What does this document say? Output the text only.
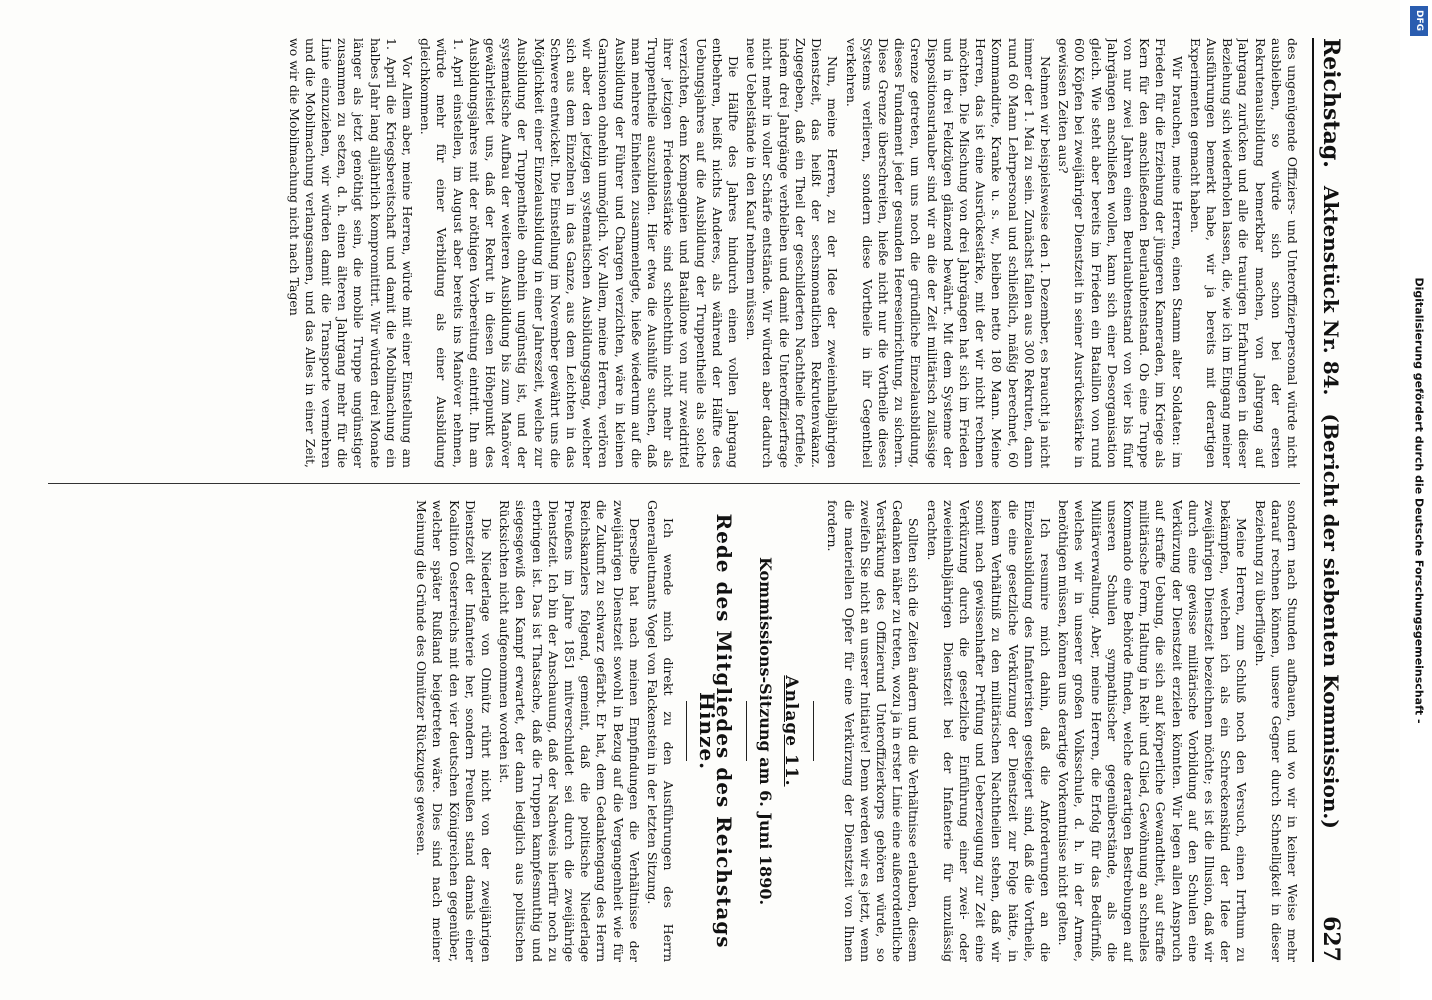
Reichstag.
Aktenstück Nr. 84.
(Bericht der siebenten Kommission.)
627

des ungenügende Offiziers- und Unteroffizierpersonal würde nicht ausbleiben, so würde sich schon bei der ersten Rekrutenausbildung bemerkbar machen, von Jahrgang auf Jahrgang zurücken und alle die traurigen Erfahrungen in dieser Beziehung sich wiederholen lassen, die, wie ich im Eingang meiner Ausführungen bemerkt habe, wir ja bereits mit derartigen Experimenten gemacht haben.

Wir brauchen, meine Herren, einen Stamm alter Soldaten: im Frieden für die Erziehung der jüngeren Kameraden, im Kriege als Kern für den anschließenden Beurlaubtenstand. Ob eine Truppe von nur zwei Jahren einen Beurlaubtenstand von vier bis fünf Jahrgängen anschließen wollen, kann sich einer Desorganisation gleich. Wie steht aber bereits im Frieden ein Bataillon von rund 600 Köpfen bei zweijähriger Dienstzeit in seiner Ausrückestärke in gewissen Zeiten aus?

Nehmen wir beispielsweise den 1. Dezember, es braucht ja nicht immer der 1. Mai zu sein. Zunächst fallen aus 300 Rekruten, dann rund 60 Mann Lehrpersonal und schließlich, mäßig berechnet, 60 Kommandirte, Kranke u. s. w., bleiben netto 180 Mann. Meine Herren, das ist eine Ausrückestärke, mit der wir nicht rechnen möchten. Die Mischung von drei Jahrgängen hat sich im Frieden und in drei Feldzügen glänzend bewährt. Mit dem Systeme der Dispositionsurlauber sind wir an die der Zeit militärisch zulässige Grenze getreten, um uns noch die gründliche Einzelausbildung, dieses Fundament jeder gesunden Heereseinrichtung, zu sichern. Diese Grenze überschreiten, hieße nicht nur die Vortheile dieses Systems verlieren, sondern diese Vortheile in ihr Gegentheil verkehren.

Nun, meine Herren, zu der Idee der zweieinhalbjährigen Dienstzeit, das heißt der sechsmonatlichen Rekrutenvakanz. Zugegeben, daß ein Theil der geschilderten Nachtheile fortfiele, indem drei Jahrgänge verbleiben und damit die Unteroffizierfrage nicht mehr in voller Schärfe entstände. Wir würden aber dadurch neue Uebelstände in den Kauf nehmen müssen.

Die Hälfte des Jahres hindurch einen vollen Jahrgang entbehren, heißt nichts Anderes, als während der Hälfte des Uebungsjahres auf die Ausbildung der Truppentheile als solche verzichten, denn Kompagnien und Bataillone von nur zweidrittel ihrer jetzigen Friedensstärke sind schlechthin nicht mehr als Truppentheile auszubilden. Hier etwa die Aushülfe suchen, daß man mehrere Einheiten zusammenlegte, hieße wiederum auf die Ausbildung der Führer und Chargen verzichten, wäre in kleinen Garnisonen ohnehin unmöglich. Vor Allem, meine Herren, verlören wir aber den jetzigen systematischen Ausbildungsgang, welcher sich aus dem Einzelnen in das Ganze, aus dem Leichten in das Schwere entwickelt. Die Einstellung im November gewährt uns die Möglichkeit einer Einzelausbildung in einer Jahreszeit, welche zur Ausbildung der Truppentheile ohnehin ungünstig ist, und der systematische Aufbau der weiteren Ausbildung bis zum Manöver gewährleistet uns, daß der Rekrut in diesen Höhepunkt des Ausbildungsjahres mit der nöthigen Vorbereitung eintritt. Ihn am 1. April einstellen, im August aber bereits ins Manöver nehmen, würde mehr für einer Verbildung als einer Ausbildung gleichkommen.

Vor Allem aber, meine Herren, würde mit einer Einstellung am 1. April die Kriegsbereitschaft und damit die Mobilmachung ein halbes Jahr lang alljährlich kompromittirt. Wir würden drei Monate länger als jetzt genöthigt sein, die mobile Truppe ungünstiger zusammen zu setzen, d. h. einen älteren Jahrgang mehr für die Linie einzuziehen, wir würden damit die Transporte vermehren und die Mobilmachung verlangsamen, und das Alles in einer Zeit, wo wir die Mobilmachung nicht nach Tagen

sondern nach Stunden aufbauen, und wo wir in keiner Weise mehr darauf rechnen können, unsere Gegner durch Schnelligkeit in dieser Beziehung zu überflügeln.

Meine Herren, zum Schluß noch den Versuch, einen Irrthum zu bekämpfen, welchen ich als ein Schreckenskind der Idee der zweijährigen Dienstzeit bezeichnen möchte; es ist die Illusion, daß wir durch eine gewisse militärische Vorbildung auf den Schulen eine Verkürzung der Dienstzeit erzielen könnten. Wir legen allen Anspruch auf straffe Uebung, die sich auf körperliche Gewandtheit, auf straffe militärische Form, Haltung in Reih' und Glied, Gewöhnung an schnelles Kommando eine Behörde finden, welche derartigen Bestrebungen auf unseren Schulen sympathischer gegenüberstände, als die Militärverwaltung. Aber, meine Herren, die Erfolg für das Bedürfniß, welches wir in unserer großen Volksschule, d. h. in der Armee, benöthigen müssen, können uns derartige Vorkenntnisse nicht gelten.

Ich resumire mich dahin, daß die Anforderungen an die Einzelausbildung des Infanteristen gesteigert sind, daß die Vortheile, die eine gesetzliche Verkürzung der Dienstzeit zur Folge hätte, in keinem Verhältniß zu den militärischen Nachtheilen stehen, daß wir somit nach gewissenhafter Prüfung und Ueberzeugung zur Zeit eine Verkürzung durch die gesetzliche Einführung einer zwei- oder zweieinhalbjährigen Dienstzeit bei der Infanterie für unzulässig erachten.

Sollten sich die Zeiten ändern und die Verhältnisse erlauben, diesem Gedanken näher zu treten, wozu ja in erster Linie eine außerordentliche Verstärkung des Offizierund Unteroffizierkorps gehören würde, so zweifeln Sie nicht an unserer Initiative! Denn werden wir es jetzt, wenn die materiellen Opfer für eine Verkürzung der Dienstzeit von Ihnen fordern.

Anlage 11.
Kommissions-Sitzung am 6. Juni 1890.
Rede des Mitgliedes des Reichstags Hinze.

Ich wende mich direkt zu den Ausführungen des Herrn Generalleutnants Vogel von Falckenstein in der letzten Sitzung.

Derselbe hat nach meinen Empfindungen die Verhältnisse der zweijährigen Dienstzeit sowohl in Bezug auf die Vergangenheit wie für die Zukunft zu schwarz gefärbt. Er hat, dem Gedankengang des Herrn Reichskanzlers folgend, gemeint, daß die politische Niederlage Preußens im Jahre 1851 mitverschuldet sei durch die zweijährige Dienstzeit. Ich bin der Anschauung, daß der Nachweis hierfür noch zu erbringen ist. Das ist Thatsache, daß die Truppen kampfesmuthig und siegesgewiß den Kampf erwartet, der dann lediglich aus politischen Rücksichten nicht aufgenommen worden ist.

Die Niederlage von Olmütz rührt nicht von der zweijährigen Dienstzeit der Infanterie her, sondern Preußen stand damals einer Koalition Oesterreichs mit den vier deutschen Königreichen gegenüber, welcher später Rußland beigetreten wäre. Dies sind nach meiner Meinung die Gründe des Olmützer Rückzuges gewesen.

DFG
Digitalisierung gefördert durch die Deutsche Forschungsgemeinschaft -
